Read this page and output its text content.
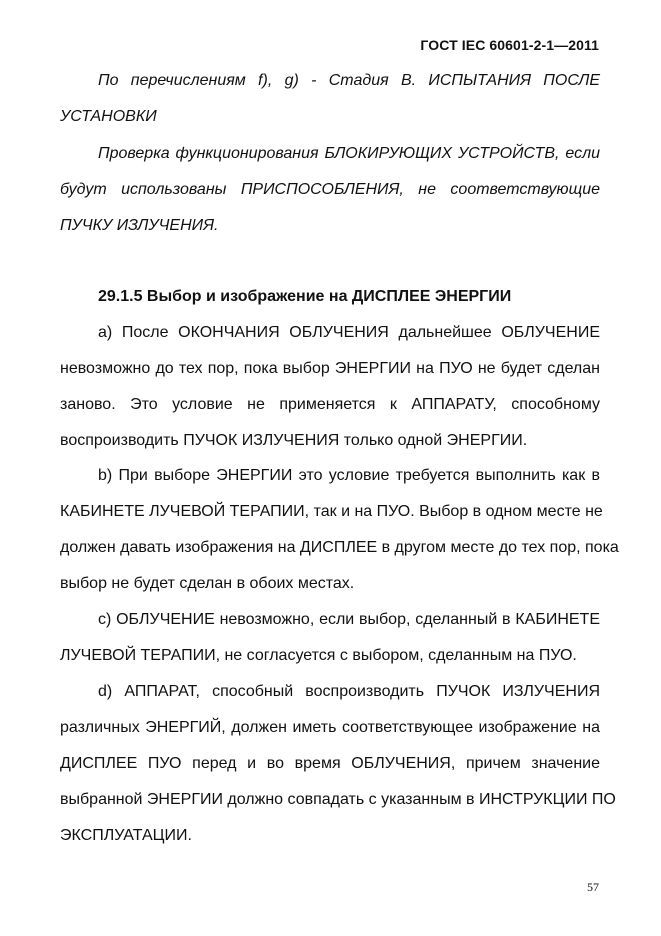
ГОСТ IEC 60601-2-1—2011
По перечислениям f), g) - Стадия В. ИСПЫТАНИЯ ПОСЛЕ
УСТАНОВКИ
Проверка функционирования БЛОКИРУЮЩИХ УСТРОЙСТВ, если
будут использованы ПРИСПОСОБЛЕНИЯ, не соответствующие
ПУЧКУ ИЗЛУЧЕНИЯ.
29.1.5 Выбор и изображение на ДИСПЛЕЕ ЭНЕРГИИ
a) После ОКОНЧАНИЯ ОБЛУЧЕНИЯ дальнейшее ОБЛУЧЕНИЕ
невозможно до тех пор, пока выбор ЭНЕРГИИ на ПУО не будет сделан
заново. Это условие не применяется к АППАРАТУ, способному
воспроизводить ПУЧОК ИЗЛУЧЕНИЯ только одной ЭНЕРГИИ.
b) При выборе ЭНЕРГИИ это условие требуется выполнить как в
КАБИНЕТЕ ЛУЧЕВОЙ ТЕРАПИИ, так и на ПУО. Выбор в одном месте не
должен давать изображения на ДИСПЛЕЕ в другом месте до тех пор, пока
выбор не будет сделан в обоих местах.
c) ОБЛУЧЕНИЕ невозможно, если выбор, сделанный в КАБИНЕТЕ
ЛУЧЕВОЙ ТЕРАПИИ, не согласуется с выбором, сделанным на ПУО.
d) АППАРАТ, способный воспроизводить ПУЧОК ИЗЛУЧЕНИЯ
различных ЭНЕРГИЙ, должен иметь соответствующее изображение на
ДИСПЛЕЕ ПУО перед и во время ОБЛУЧЕНИЯ, причем значение
выбранной ЭНЕРГИИ должно совпадать с указанным в ИНСТРУКЦИИ ПО
ЭКСПЛУАТАЦИИ.
57
